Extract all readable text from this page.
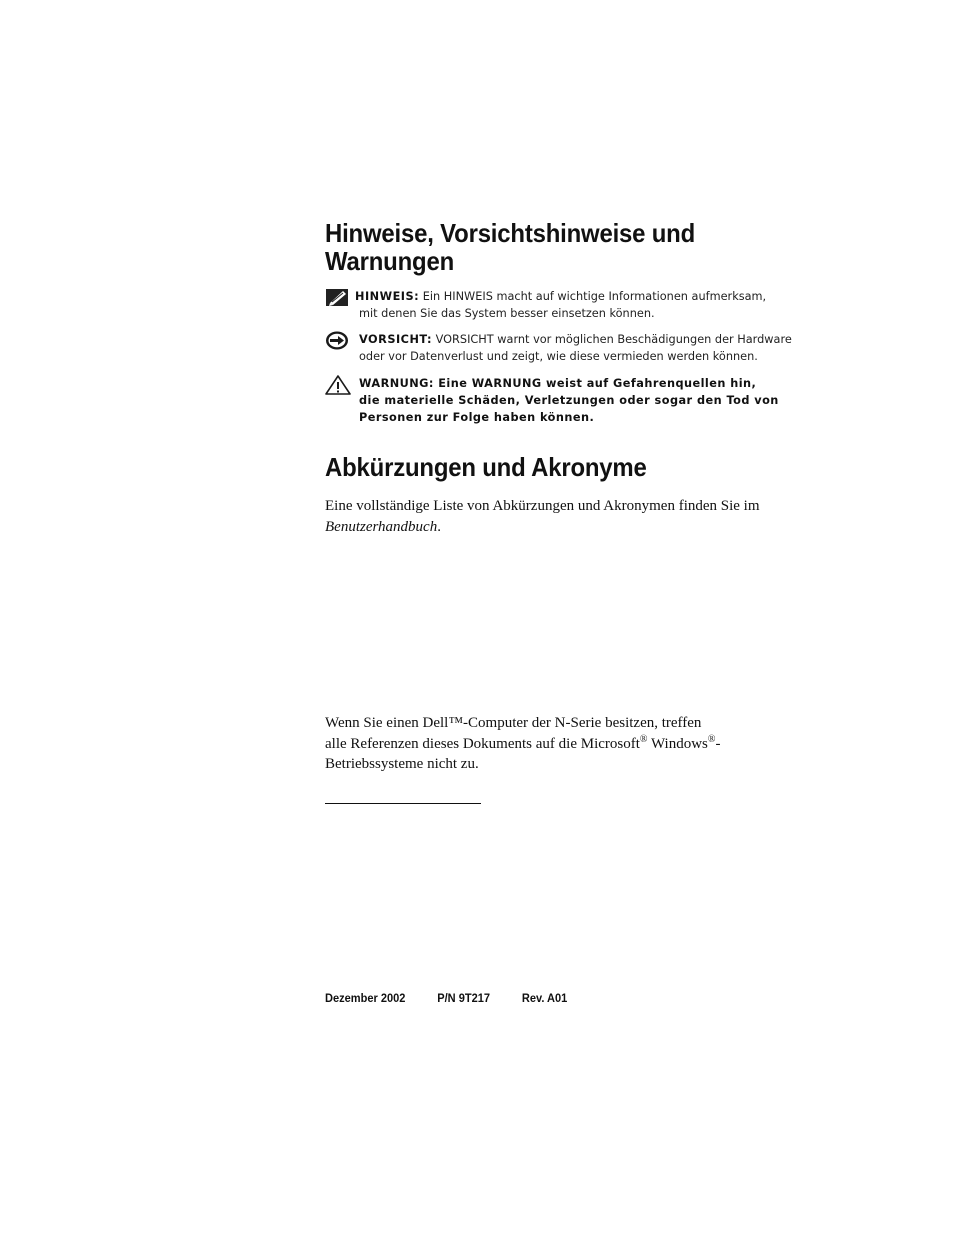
Hinweise, Vorsichtshinweise und
Warnungen
HINWEIS: Ein HINWEIS macht auf wichtige Informationen aufmerksam,
mit denen Sie das System besser einsetzen können.
VORSICHT: VORSICHT warnt vor möglichen Beschädigungen der Hardware
oder vor Datenverlust und zeigt, wie diese vermieden werden können.
WARNUNG: Eine WARNUNG weist auf Gefahrenquellen hin,
die materielle Schäden, Verletzungen oder sogar den Tod von
Personen zur Folge haben können.
Abkürzungen und Akronyme

Eine vollständige Liste von Abkürzungen und Akronymen finden Sie im
Benutzerhandbuch.

Wenn Sie einen Dell™-Computer der N-Serie besitzen, treffen
alle Referenzen dieses Dokuments auf die Microsoft® Windows®-
Betriebssysteme nicht zu.

Dezember 2002	P/N 9T217	Rev. A01
